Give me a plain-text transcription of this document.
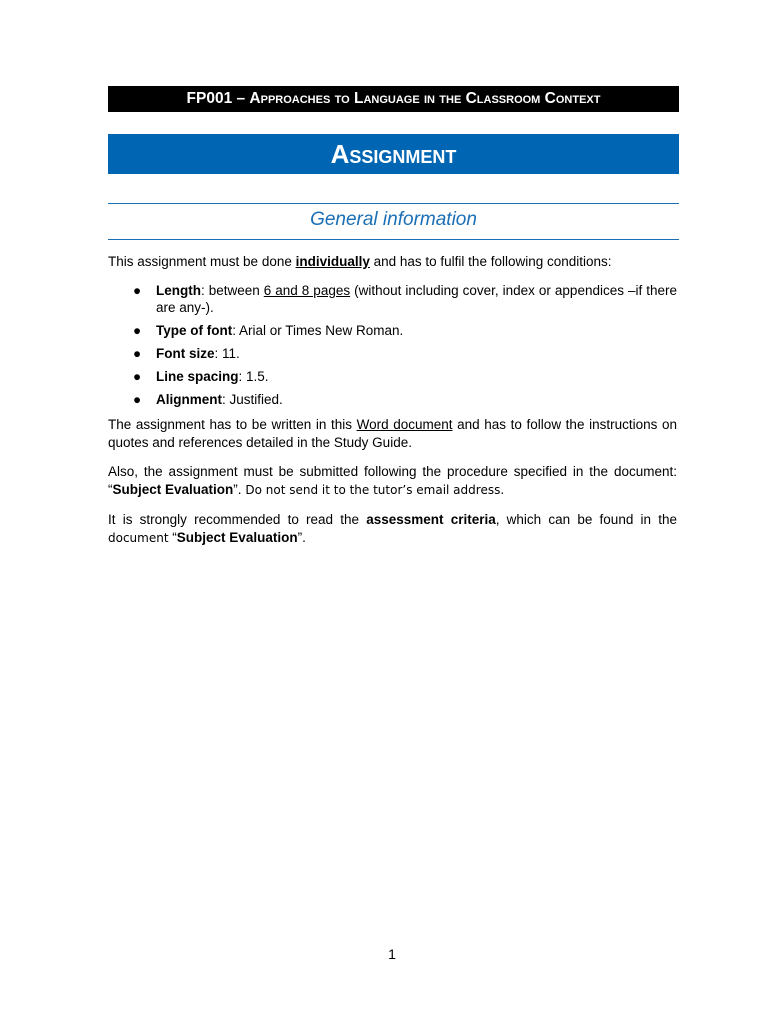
FP001 – Approaches to Language in the Classroom Context
Assignment
General information
This assignment must be done individually and has to fulfil the following conditions:
● Length: between 6 and 8 pages (without including cover, index or appendices –if there are any-).
● Type of font: Arial or Times New Roman.
● Font size: 11.
● Line spacing: 1.5.
● Alignment: Justified.
The assignment has to be written in this Word document and has to follow the instructions on quotes and references detailed in the Study Guide.
Also, the assignment must be submitted following the procedure specified in the document: “Subject Evaluation”. Do not send it to the tutor’s email address.
It is strongly recommended to read the assessment criteria, which can be found in the document “Subject Evaluation”.
1
